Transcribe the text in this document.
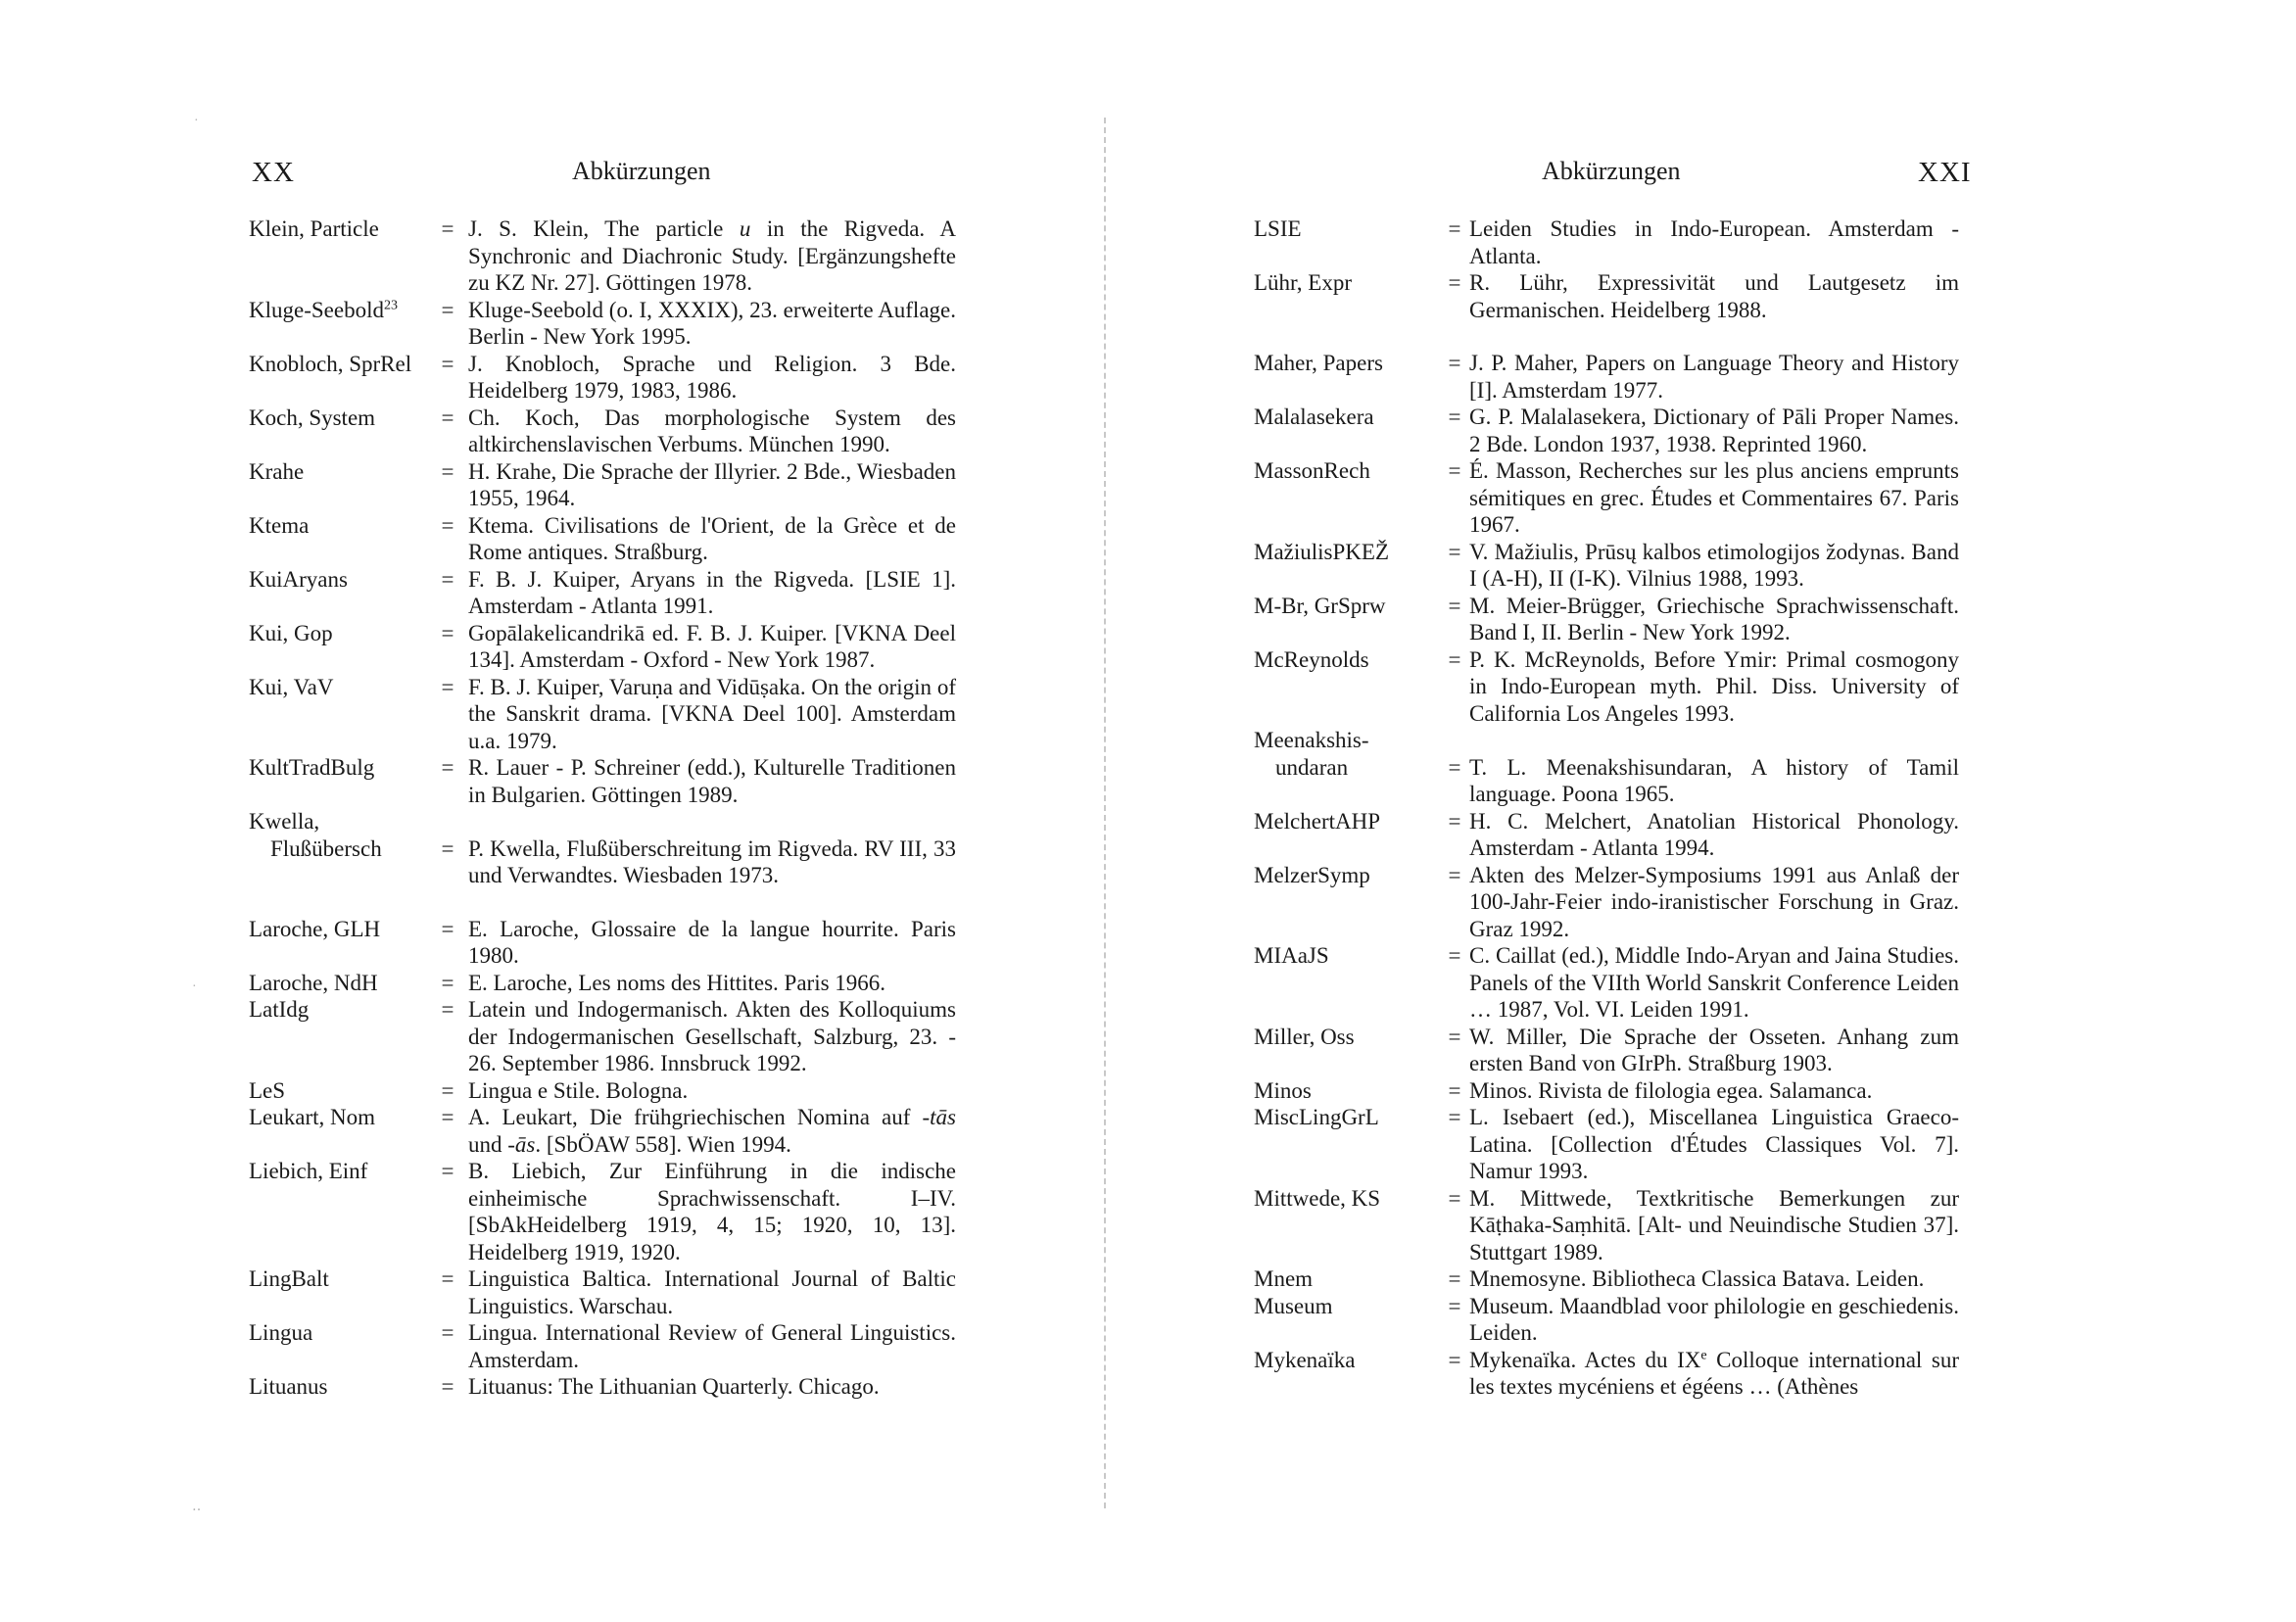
·
·
‥
XX	Abkürzungen
Klein, Particle	= J. S. Klein, The particle u in the Rigveda. A Synchronic and Diachronic Study. [Ergänzungshefte zu KZ Nr. 27]. Göttingen 1978.
Kluge-Seebold$^{23}$	= Kluge-Seebold (o. I, XXXIX), 23. erweiterte Auflage. Berlin - New York 1995.
Knobloch, SprRel	= J. Knobloch, Sprache und Religion. 3 Bde. Heidelberg 1979, 1983, 1986.
Koch, System	= Ch. Koch, Das morphologische System des altkirchenslavischen Verbums. München 1990.
Krahe	= H. Krahe, Die Sprache der Illyrier. 2 Bde., Wiesbaden 1955, 1964.
Ktema	= Ktema. Civilisations de l'Orient, de la Grèce et de Rome antiques. Straßburg.
KuiAryans	= F. B. J. Kuiper, Aryans in the Rigveda. [LSIE 1]. Amsterdam - Atlanta 1991.
Kui, Gop	= Gopālakelicandrikā ed. F. B. J. Kuiper. [VKNA Deel 134]. Amsterdam - Oxford - New York 1987.
Kui, VaV	= F. B. J. Kuiper, Varuṇa and Vidūṣaka. On the origin of the Sanskrit drama. [VKNA Deel 100]. Amsterdam u.a. 1979.
KultTradBulg	= R. Lauer - P. Schreiner (edd.), Kulturelle Traditionen in Bulgarien. Göttingen 1989.
Kwella,
Flußübersch	= P. Kwella, Flußüberschreitung im Rigveda. RV III, 33 und Verwandtes. Wiesbaden 1973.
Laroche, GLH	= E. Laroche, Glossaire de la langue hourrite. Paris 1980.
Laroche, NdH	= E. Laroche, Les noms des Hittites. Paris 1966.
LatIdg	= Latein und Indogermanisch. Akten des Kolloquiums der Indogermanischen Gesellschaft, Salzburg, 23. - 26. September 1986. Innsbruck 1992.
LeS	= Lingua e Stile. Bologna.
Leukart, Nom	= A. Leukart, Die frühgriechischen Nomina auf -tās und -ās. [SbÖAW 558]. Wien 1994.
Liebich, Einf	= B. Liebich, Zur Einführung in die indische einheimische Sprachwissenschaft. I–IV. [SbAkHeidelberg 1919, 4, 15; 1920, 10, 13]. Heidelberg 1919, 1920.
LingBalt	= Linguistica Baltica. International Journal of Baltic Linguistics. Warschau.
Lingua	= Lingua. International Review of General Linguistics. Amsterdam.
Lituanus	= Lituanus: The Lithuanian Quarterly. Chicago.
Abkürzungen	XXI
LSIE	= Leiden Studies in Indo-European. Amsterdam - Atlanta.
Lühr, Expr	= R. Lühr, Expressivität und Lautgesetz im Germanischen. Heidelberg 1988.
Maher, Papers	= J. P. Maher, Papers on Language Theory and History [I]. Amsterdam 1977.
Malalasekera	= G. P. Malalasekera, Dictionary of Pāli Proper Names. 2 Bde. London 1937, 1938. Reprinted 1960.
MassonRech	= É. Masson, Recherches sur les plus anciens emprunts sémitiques en grec. Études et Commentaires 67. Paris 1967.
MažiulisPKEŽ	= V. Mažiulis, Prūsų kalbos etimologijos žodynas. Band I (A-H), II (I-K). Vilnius 1988, 1993.
M-Br, GrSprw	= M. Meier-Brügger, Griechische Sprachwissenschaft. Band I, II. Berlin - New York 1992.
McReynolds	= P. K. McReynolds, Before Ymir: Primal cosmogony in Indo-European myth. Phil. Diss. University of California Los Angeles 1993.
Meenakshis-
undaran	= T. L. Meenakshisundaran, A history of Tamil language. Poona 1965.
MelchertAHP	= H. C. Melchert, Anatolian Historical Phonology. Amsterdam - Atlanta 1994.
MelzerSymp	= Akten des Melzer-Symposiums 1991 aus Anlaß der 100-Jahr-Feier indo-iranistischer Forschung in Graz. Graz 1992.
MIAaJS	= C. Caillat (ed.), Middle Indo-Aryan and Jaina Studies. Panels of the VIIth World Sanskrit Conference Leiden … 1987, Vol. VI. Leiden 1991.
Miller, Oss	= W. Miller, Die Sprache der Osseten. Anhang zum ersten Band von GIrPh. Straßburg 1903.
Minos	= Minos. Rivista de filologia egea. Salamanca.
MiscLingGrL	= L. Isebaert (ed.), Miscellanea Linguistica Graeco-Latina. [Collection d'Études Classiques Vol. 7]. Namur 1993.
Mittwede, KS	= M. Mittwede, Textkritische Bemerkungen zur Kāṭhaka-Saṃhitā. [Alt- und Neuindische Studien 37]. Stuttgart 1989.
Mnem	= Mnemosyne. Bibliotheca Classica Batava. Leiden.
Museum	= Museum. Maandblad voor philologie en geschiedenis. Leiden.
Mykenaïka	= Mykenaïka. Actes du IXe Colloque international sur les textes mycéniens et égéens … (Athènes
